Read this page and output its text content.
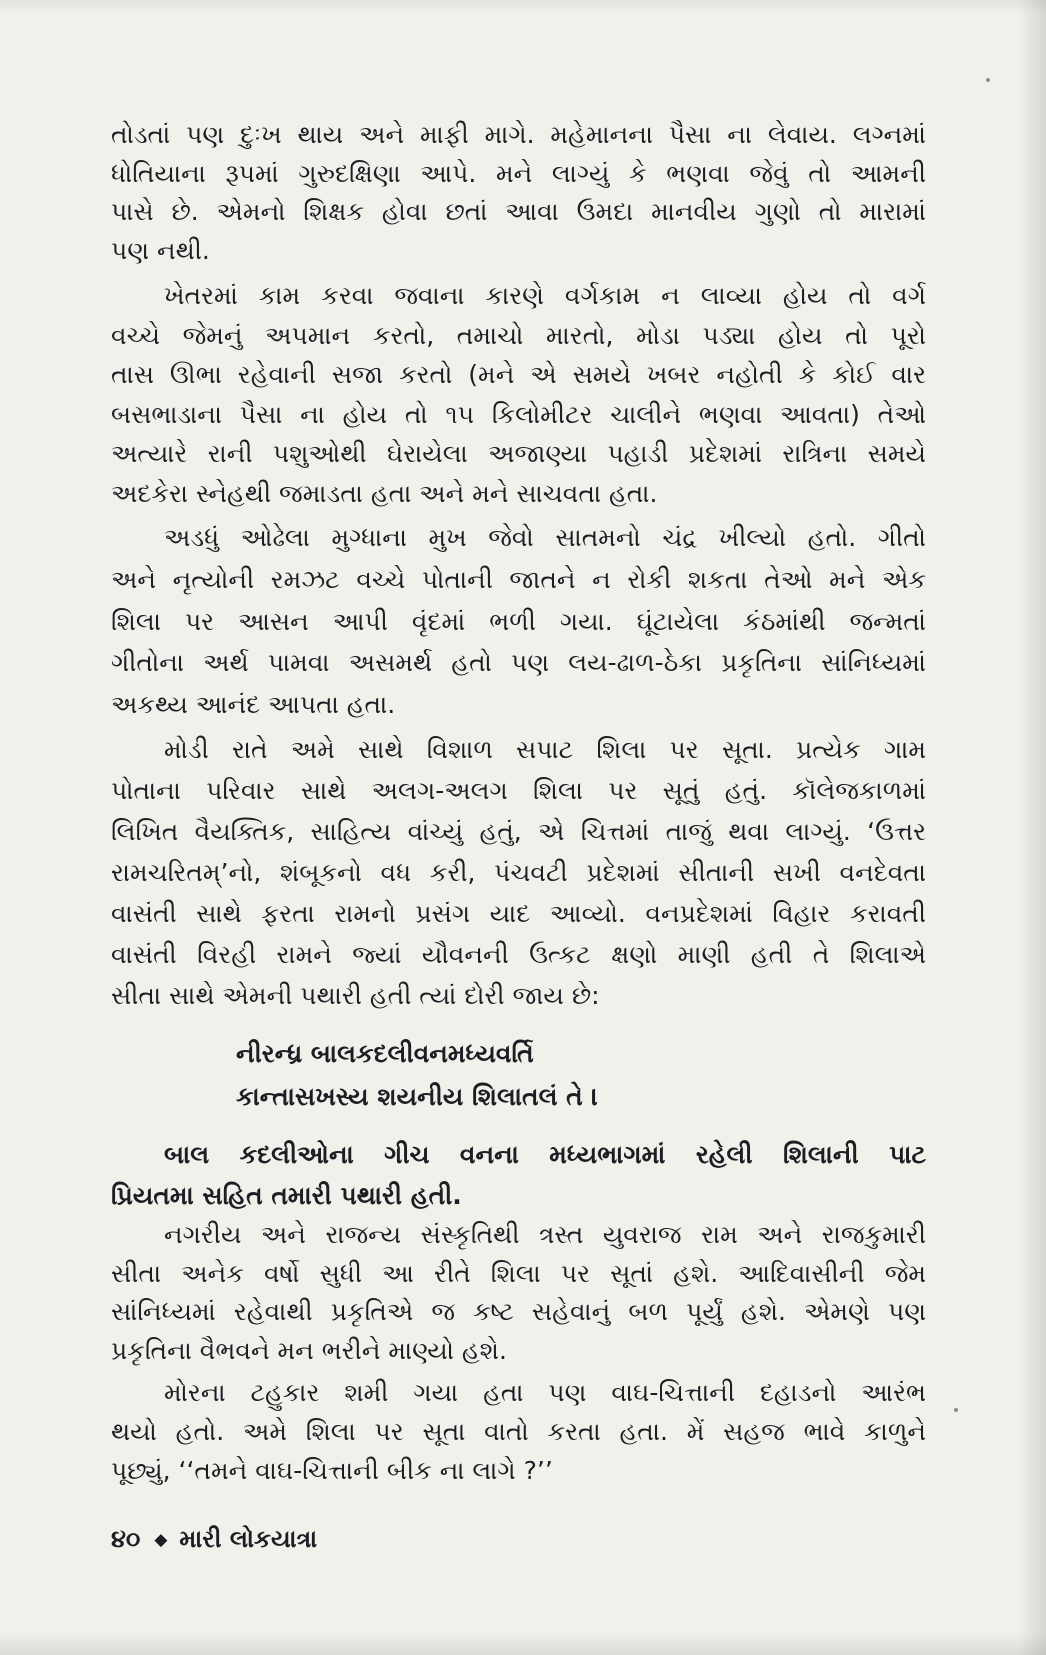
તોડતાં પણ દુઃખ થાય અને માફી માગે. મહેમાનના પૈસા ના લેવાય. લગ્નમાં
ધોતિયાના રૂપમાં ગુરુદક્ષિણા આપે. મને લાગ્યું કે ભણવા જેવું તો આમની
પાસે છે. એમનો શિક્ષક હોવા છતાં આવા ઉમદા માનવીય ગુણો તો મારામાં
પણ નથી.
ખેતરમાં કામ કરવા જવાના કારણે વર્ગકામ ન લાવ્યા હોય તો વર્ગ
વચ્ચે જેમનું અપમાન કરતો, તમાચો મારતો, મોડા પડ્યા હોય તો પૂરો
તાસ ઊભા રહેવાની સજા કરતો (મને એ સમયે ખબર નહોતી કે કોઈ વાર
બસભાડાના પૈસા ના હોય તો ૧૫ કિલોમીટર ચાલીને ભણવા આવતા) તેઓ
અત્યારે રાની પશુઓથી ઘેરાયેલા અજાણ્યા પહાડી પ્રદેશમાં રાત્રિના સમયે
અદકેરા સ્નેહથી જમાડતા હતા અને મને સાચવતા હતા.
અડધું ઓઢેલા મુગ્ધાના મુખ જેવો સાતમનો ચંદ્ર ખીલ્યો હતો. ગીતો
અને નૃત્યોની રમઝટ વચ્ચે પોતાની જાતને ન રોકી શકતા તેઓ મને એક
શિલા પર આસન આપી વૃંદમાં ભળી ગયા. ઘૂંટાયેલા કંઠમાંથી જન્મતાં
ગીતોના અર્થ પામવા અસમર્થ હતો પણ લય-ઢાળ-ઠેકા પ્રકૃતિના સાંનિધ્યમાં
અકથ્ય આનંદ આપતા હતા.
મોડી રાતે અમે સાથે વિશાળ સપાટ શિલા પર સૂતા. પ્રત્યેક ગામ
પોતાના પરિવાર સાથે અલગ-અલગ શિલા પર સૂતું હતું. કૉલેજકાળમાં
લિખિત વૈયક્તિક, સાહિત્ય વાંચ્યું હતું, એ ચિત્તમાં તાજું થવા લાગ્યું. ‘ઉત્તર
રામચરિતમ્’નો, શંબૂકનો વધ કરી, પંચવટી પ્રદેશમાં સીતાની સખી વનદેવતા
વાસંતી સાથે ફરતા રામનો પ્રસંગ યાદ આવ્યો. વનપ્રદેશમાં વિહાર કરાવતી
વાસંતી વિરહી રામને જ્યાં યૌવનની ઉત્કટ ક્ષણો માણી હતી તે શિલાએ
સીતા સાથે એમની પથારી હતી ત્યાં દોરી જાય છે:
નીરન્ધ્ર બાલકદલીવનમધ્યવર્તિ
કાન્તાસખસ્ય શયનીય શિલાતલં તે ।
બાલ કદલીઓના ગીચ વનના મધ્યભાગમાં રહેલી શિલાની પાટ
પ્રિયતમા સહિત તમારી પથારી હતી.
નગરીય અને રાજન્ય સંસ્કૃતિથી ત્રસ્ત યુવરાજ રામ અને રાજકુમારી
સીતા અનેક વર્ષો સુધી આ રીતે શિલા પર સૂતાં હશે. આદિવાસીની જેમ
સાંનિધ્યમાં રહેવાથી પ્રકૃતિએ જ કષ્ટ સહેવાનું બળ પૂર્યું હશે. એમણે પણ
પ્રકૃતિના વૈભવને મન ભરીને માણ્યો હશે.
મોરના ટહુકાર શમી ગયા હતા પણ વાઘ-ચિત્તાની દહાડનો આરંભ
થયો હતો. અમે શિલા પર સૂતા વાતો કરતા હતા. મેં સહજ ભાવે કાળુને
પૂછ્યું, ‘‘તમને વાઘ-ચિત્તાની બીક ના લાગે ?’’
૪૦ ◆ મારી લોકયાત્રા
